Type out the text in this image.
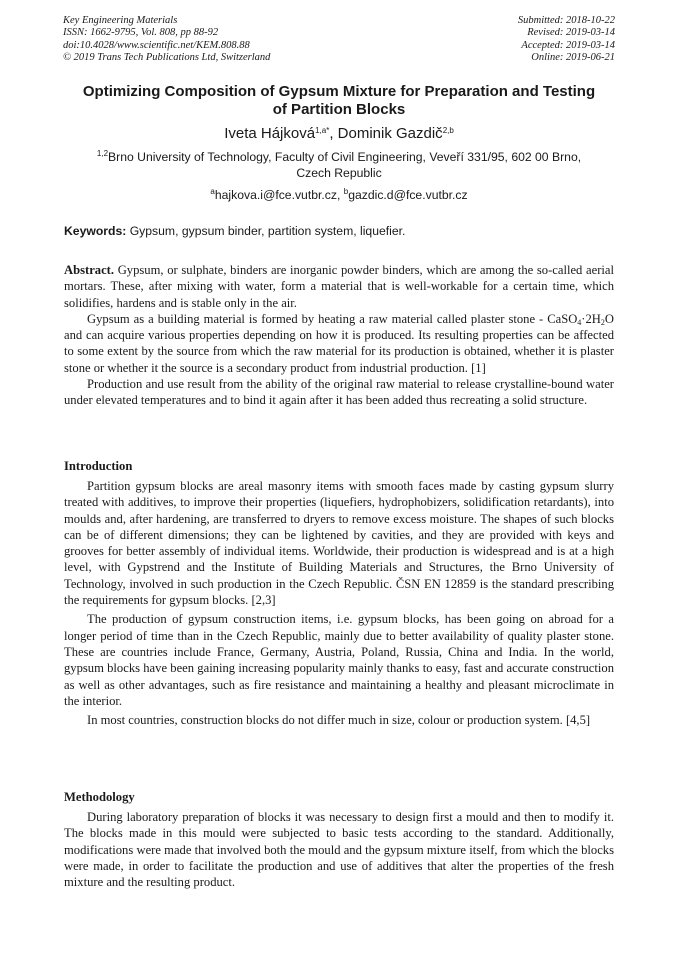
Key Engineering Materials
ISSN: 1662-9795, Vol. 808, pp 88-92
doi:10.4028/www.scientific.net/KEM.808.88
© 2019 Trans Tech Publications Ltd, Switzerland
Submitted: 2018-10-22
Revised: 2019-03-14
Accepted: 2019-03-14
Online: 2019-06-21
Optimizing Composition of Gypsum Mixture for Preparation and Testing
of Partition Blocks
Iveta Hájková$^{1,a*}$, Dominik Gazdič$^{2,b}$
$^{1,2}$Brno University of Technology, Faculty of Civil Engineering, Veveří 331/95, 602 00 Brno,
Czech Republic
$^a$hajkova.i@fce.vutbr.cz, $^b$gazdic.d@fce.vutbr.cz
Keywords: Gypsum, gypsum binder, partition system, liquefier.

Abstract. Gypsum, or sulphate, binders are inorganic powder binders, which are among the so-called aerial mortars. These, after mixing with water, form a material that is well-workable for a certain time, which solidifies, hardens and is stable only in the air.

Gypsum as a building material is formed by heating a raw material called plaster stone - $CaSO_4\cdot 2H_2O$ and can acquire various properties depending on how it is produced. Its resulting properties can be affected to some extent by the source from which the raw material for its production is obtained, whether it is plaster stone or whether it the source is a secondary product from industrial production. [1]

Production and use result from the ability of the original raw material to release crystalline-bound water under elevated temperatures and to bind it again after it has been added thus recreating a solid structure.

Introduction

Partition gypsum blocks are areal masonry items with smooth faces made by casting gypsum slurry treated with additives, to improve their properties (liquefiers, hydrophobizers, solidification retardants), into moulds and, after hardening, are transferred to dryers to remove excess moisture. The shapes of such blocks can be of different dimensions; they can be lightened by cavities, and they are provided with keys and grooves for better assembly of individual items. Worldwide, their production is widespread and is at a high level, with Gypstrend and the Institute of Building Materials and Structures, the Brno University of Technology, involved in such production in the Czech Republic. ČSN EN 12859 is the standard prescribing the requirements for gypsum blocks. [2,3]

The production of gypsum construction items, i.e. gypsum blocks, has been going on abroad for a longer period of time than in the Czech Republic, mainly due to better availability of quality plaster stone. These are countries include France, Germany, Austria, Poland, Russia, China and India. In the world, gypsum blocks have been gaining increasing popularity mainly thanks to easy, fast and accurate construction as well as other advantages, such as fire resistance and maintaining a healthy and pleasant microclimate in the interior.

In most countries, construction blocks do not differ much in size, colour or production system. [4,5]

Methodology

During laboratory preparation of blocks it was necessary to design first a mould and then to modify it. The blocks made in this mould were subjected to basic tests according to the standard. Additionally, modifications were made that involved both the mould and the gypsum mixture itself, from which the blocks were made, in order to facilitate the production and use of additives that alter the properties of the fresh mixture and the resulting product.
